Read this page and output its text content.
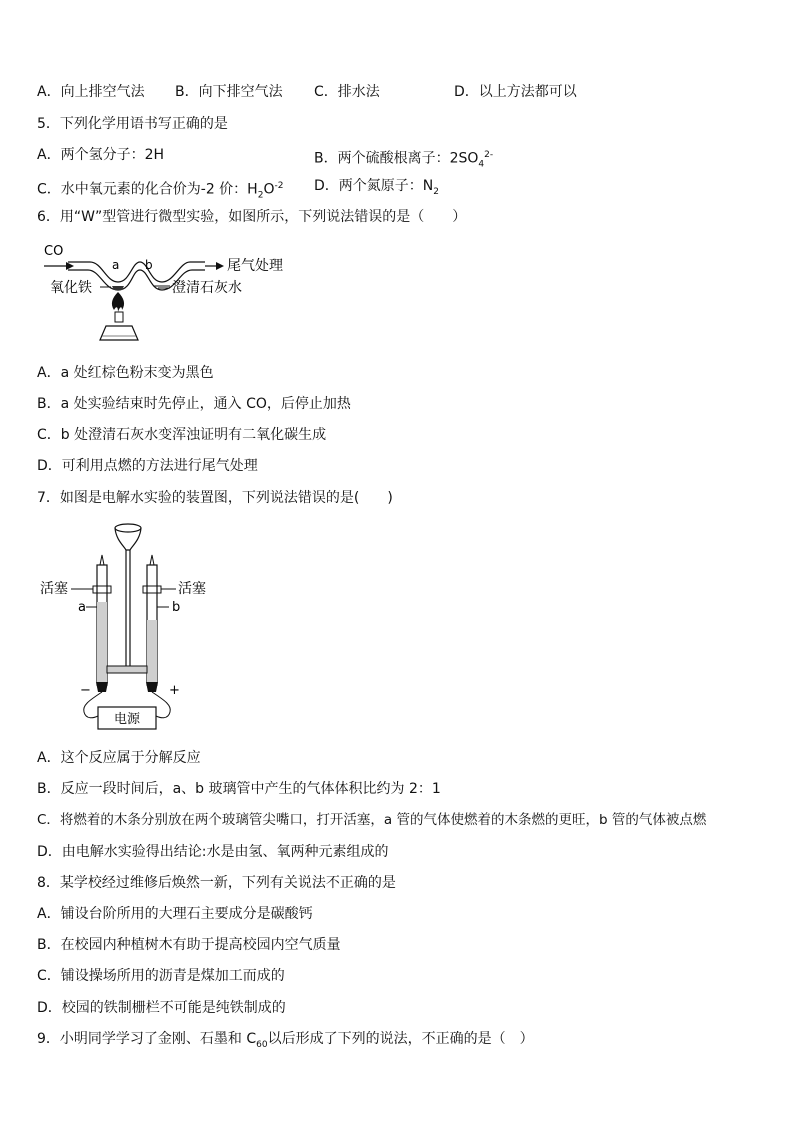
A．向上排空气法 B．向下排空气法 C．排水法	D．以上方法都可以
5．下列化学用语书写正确的是
A．两个氢分子：2H	B．两个硫酸根离子：$2SO_4^{2-}$
C．水中氧元素的化合价为-2 价：$H_2O^{-2}$ D．两个氮原子：$N_2$
6．用“W”型管进行微型实验，如图所示，下列说法错误的是（　　）
CO
a b	尾气处理
氧化铁	澄清石灰水
A．a 处红棕色粉末变为黑色
B．a 处实验结束时先停止，通入 CO，后停止加热
C．b 处澄清石灰水变浑浊证明有二氧化碳生成
D．可利用点燃的方法进行尾气处理
7．如图是电解水实验的装置图，下列说法错误的是(　　)
活塞	活塞
a	b
−	+
电源
A．这个反应属于分解反应
B．反应一段时间后，a、b 玻璃管中产生的气体体积比约为 2：1
C．将燃着的木条分别放在两个玻璃管尖嘴口，打开活塞，a 管的气体使燃着的木条燃的更旺，b 管的气体被点燃
D．由电解水实验得出结论:水是由氢、氧两种元素组成的
8．某学校经过维修后焕然一新，下列有关说法不正确的是
A．铺设台阶所用的大理石主要成分是碳酸钙
B．在校园内种植树木有助于提高校园内空气质量
C．铺设操场所用的沥青是煤加工而成的
D．校园的铁制栅栏不可能是纯铁制成的
9．小明同学学习了金刚、石墨和 $C_{60}$以后形成了下列的说法，不正确的是（　）
